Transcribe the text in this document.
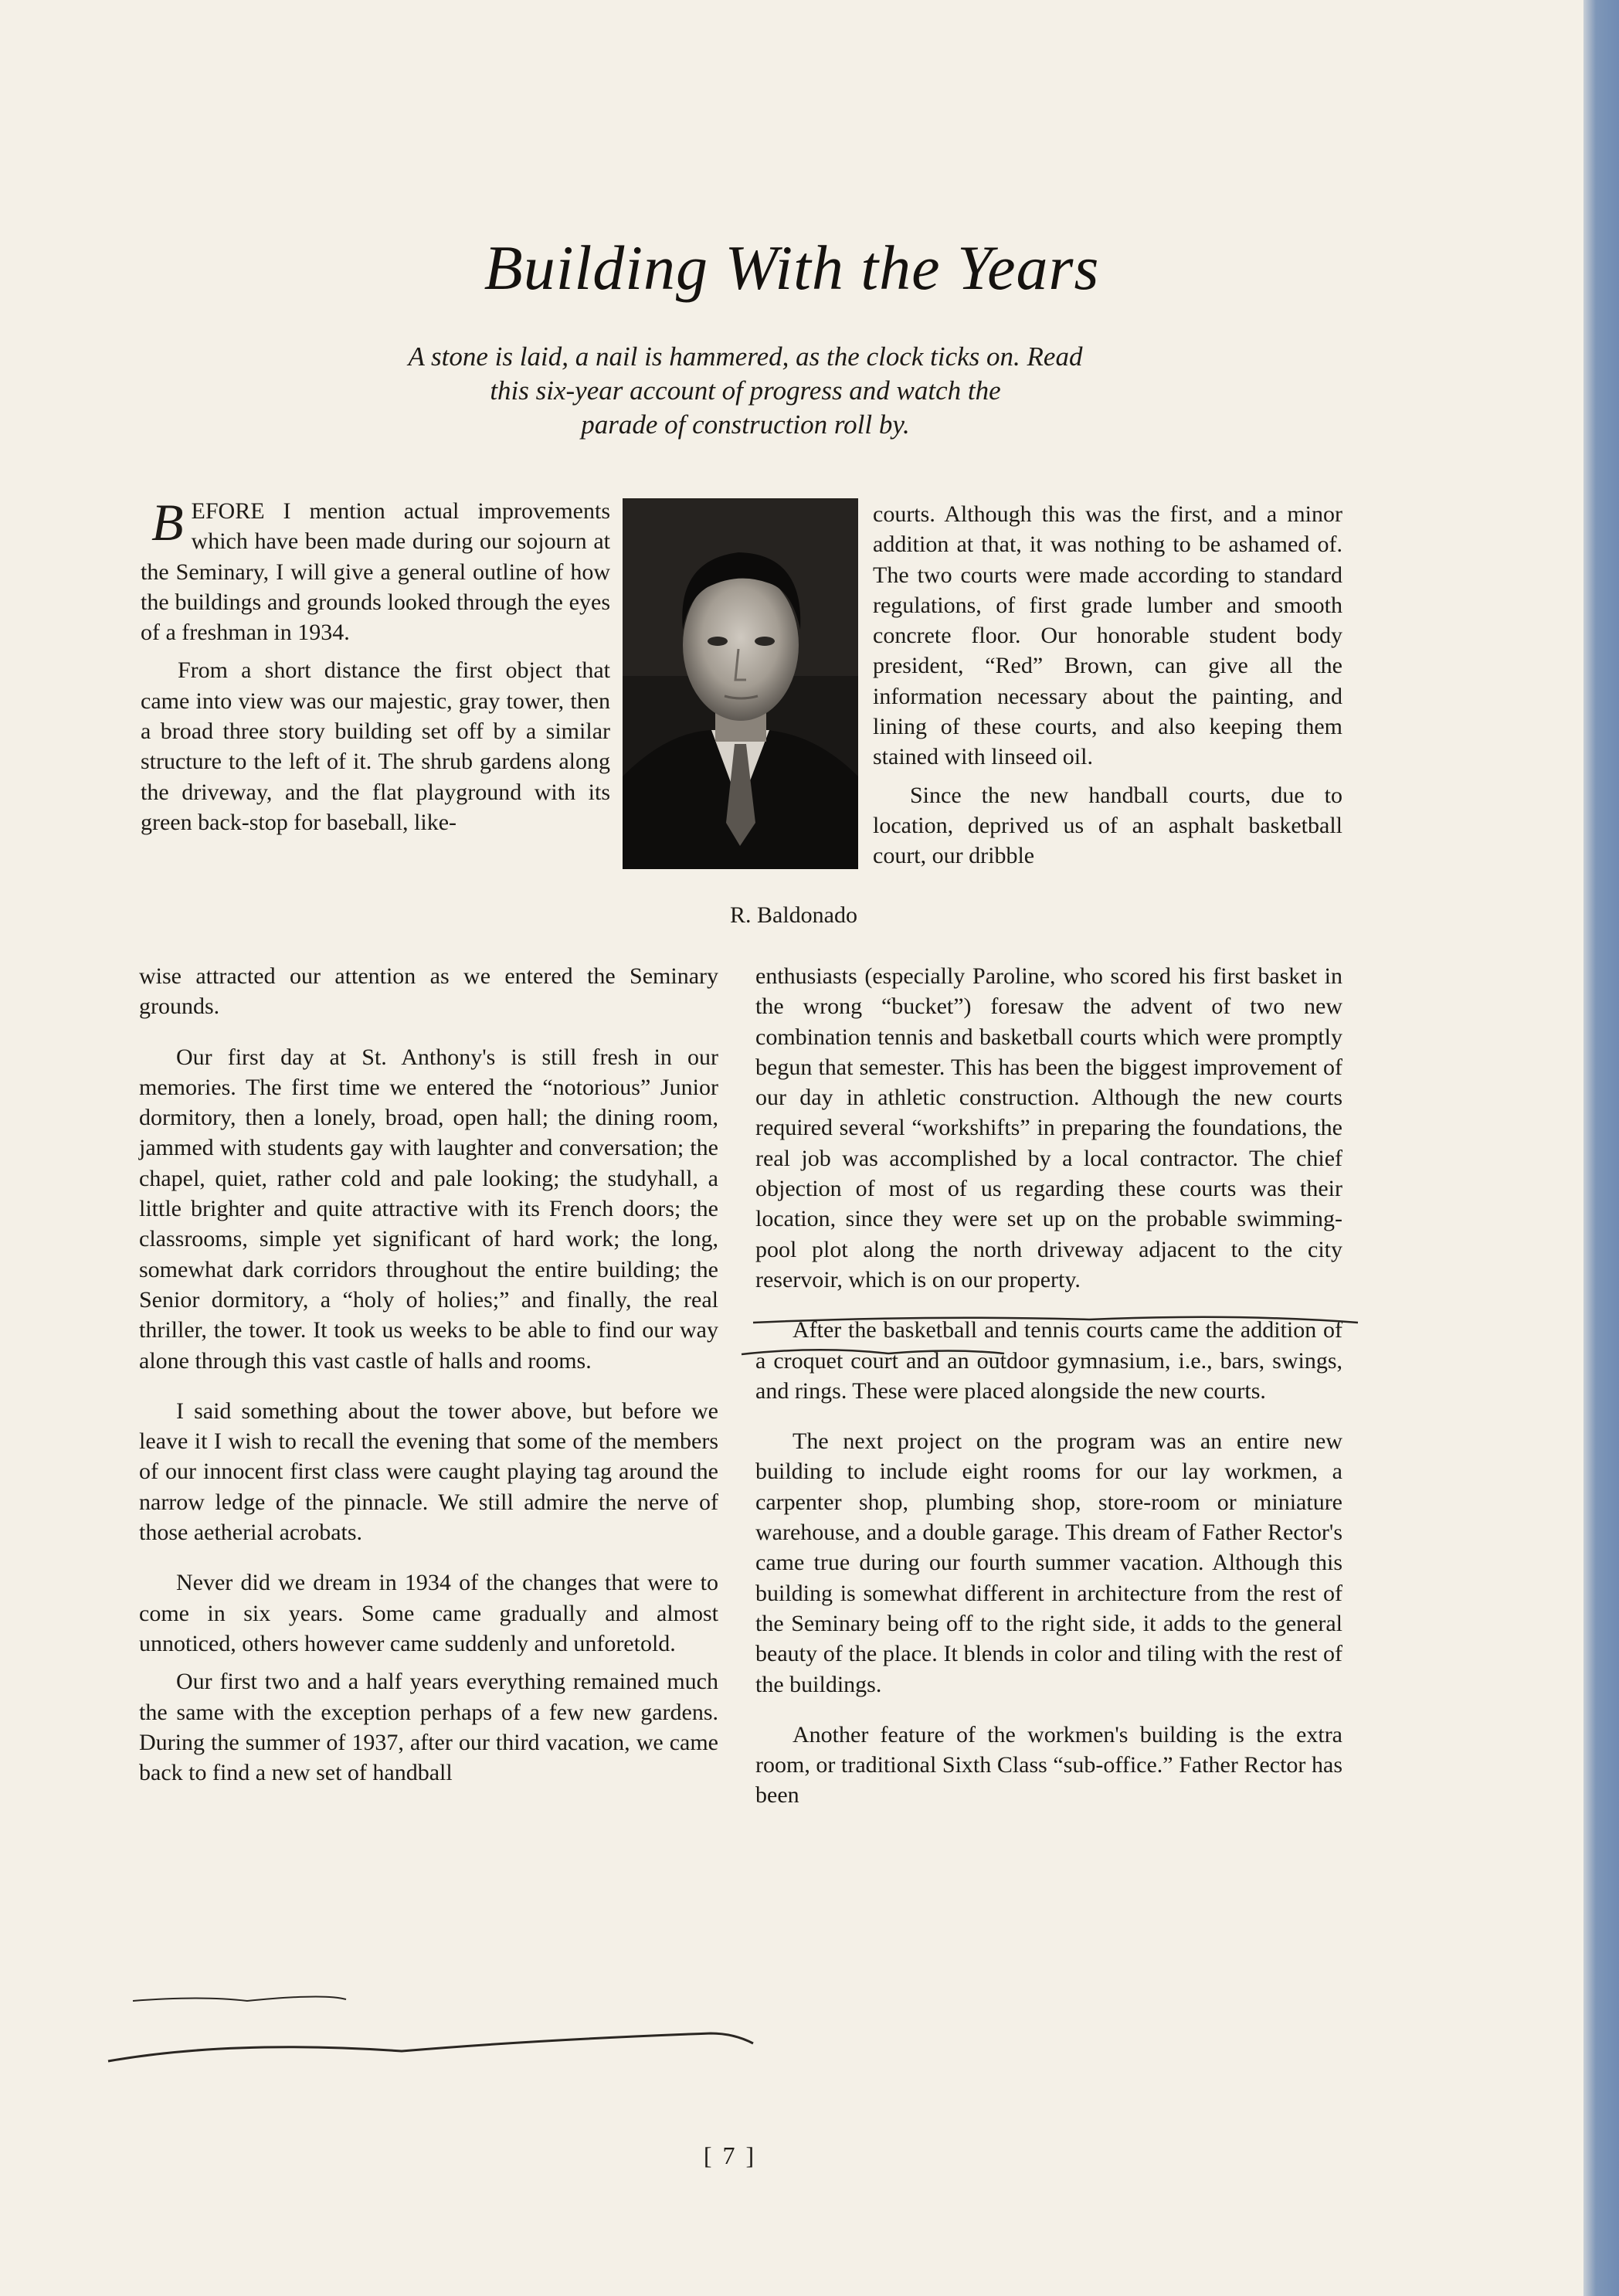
Building With the Years
A stone is laid, a nail is hammered, as the clock ticks on. Read
this six-year account of progress and watch the
parade of construction roll by.

BEFORE I mention actual improvements which have been made during our sojourn at the Seminary, I will give a general outline of how the buildings and grounds looked through the eyes of a freshman in 1934.

From a short distance the first object that came into view was our majestic, gray tower, then a broad three story building set off by a similar structure to the left of it. The shrub gardens along the driveway, and the flat playground with its green back-stop for baseball, like-

R. Baldonado

courts. Although this was the first, and a minor addition at that, it was nothing to be ashamed of. The two courts were made according to standard regulations, of first grade lumber and smooth concrete floor. Our honorable student body president, “Red” Brown, can give all the information necessary about the painting, and lining of these courts, and also keeping them stained with linseed oil.

Since the new handball courts, due to location, deprived us of an asphalt basketball court, our dribble

wise attracted our attention as we entered the Seminary grounds.

Our first day at St. Anthony's is still fresh in our memories. The first time we entered the “notorious” Junior dormitory, then a lonely, broad, open hall; the dining room, jammed with students gay with laughter and conversation; the chapel, quiet, rather cold and pale looking; the studyhall, a little brighter and quite attractive with its French doors; the classrooms, simple yet significant of hard work; the long, somewhat dark corridors throughout the entire building; the Senior dormitory, a “holy of holies;” and finally, the real thriller, the tower. It took us weeks to be able to find our way alone through this vast castle of halls and rooms.

I said something about the tower above, but before we leave it I wish to recall the evening that some of the members of our innocent first class were caught playing tag around the narrow ledge of the pinnacle. We still admire the nerve of those aetherial acrobats.

Never did we dream in 1934 of the changes that were to come in six years. Some came gradually and almost unnoticed, others however came suddenly and unforetold.

Our first two and a half years everything remained much the same with the exception perhaps of a few new gardens. During the summer of 1937, after our third vacation, we came back to find a new set of handball

enthusiasts (especially Paroline, who scored his first basket in the wrong “bucket”) foresaw the advent of two new combination tennis and basketball courts which were promptly begun that semester. This has been the biggest improvement of our day in athletic construction. Although the new courts required several “workshifts” in preparing the foundations, the real job was accomplished by a local contractor. The chief objection of most of us regarding these courts was their location, since they were set up on the probable swimming-pool plot along the north driveway adjacent to the city reservoir, which is on our property.

After the basketball and tennis courts came the addition of a croquet court and an outdoor gymnasium, i.e., bars, swings, and rings. These were placed alongside the new courts.

The next project on the program was an entire new building to include eight rooms for our lay workmen, a carpenter shop, plumbing shop, store-room or miniature warehouse, and a double garage. This dream of Father Rector's came true during our fourth summer vacation. Although this building is somewhat different in architecture from the rest of the Seminary being off to the right side, it adds to the general beauty of the place. It blends in color and tiling with the rest of the buildings.

Another feature of the workmen's building is the extra room, or traditional Sixth Class “sub-office.” Father Rector has been

[ 7 ]
